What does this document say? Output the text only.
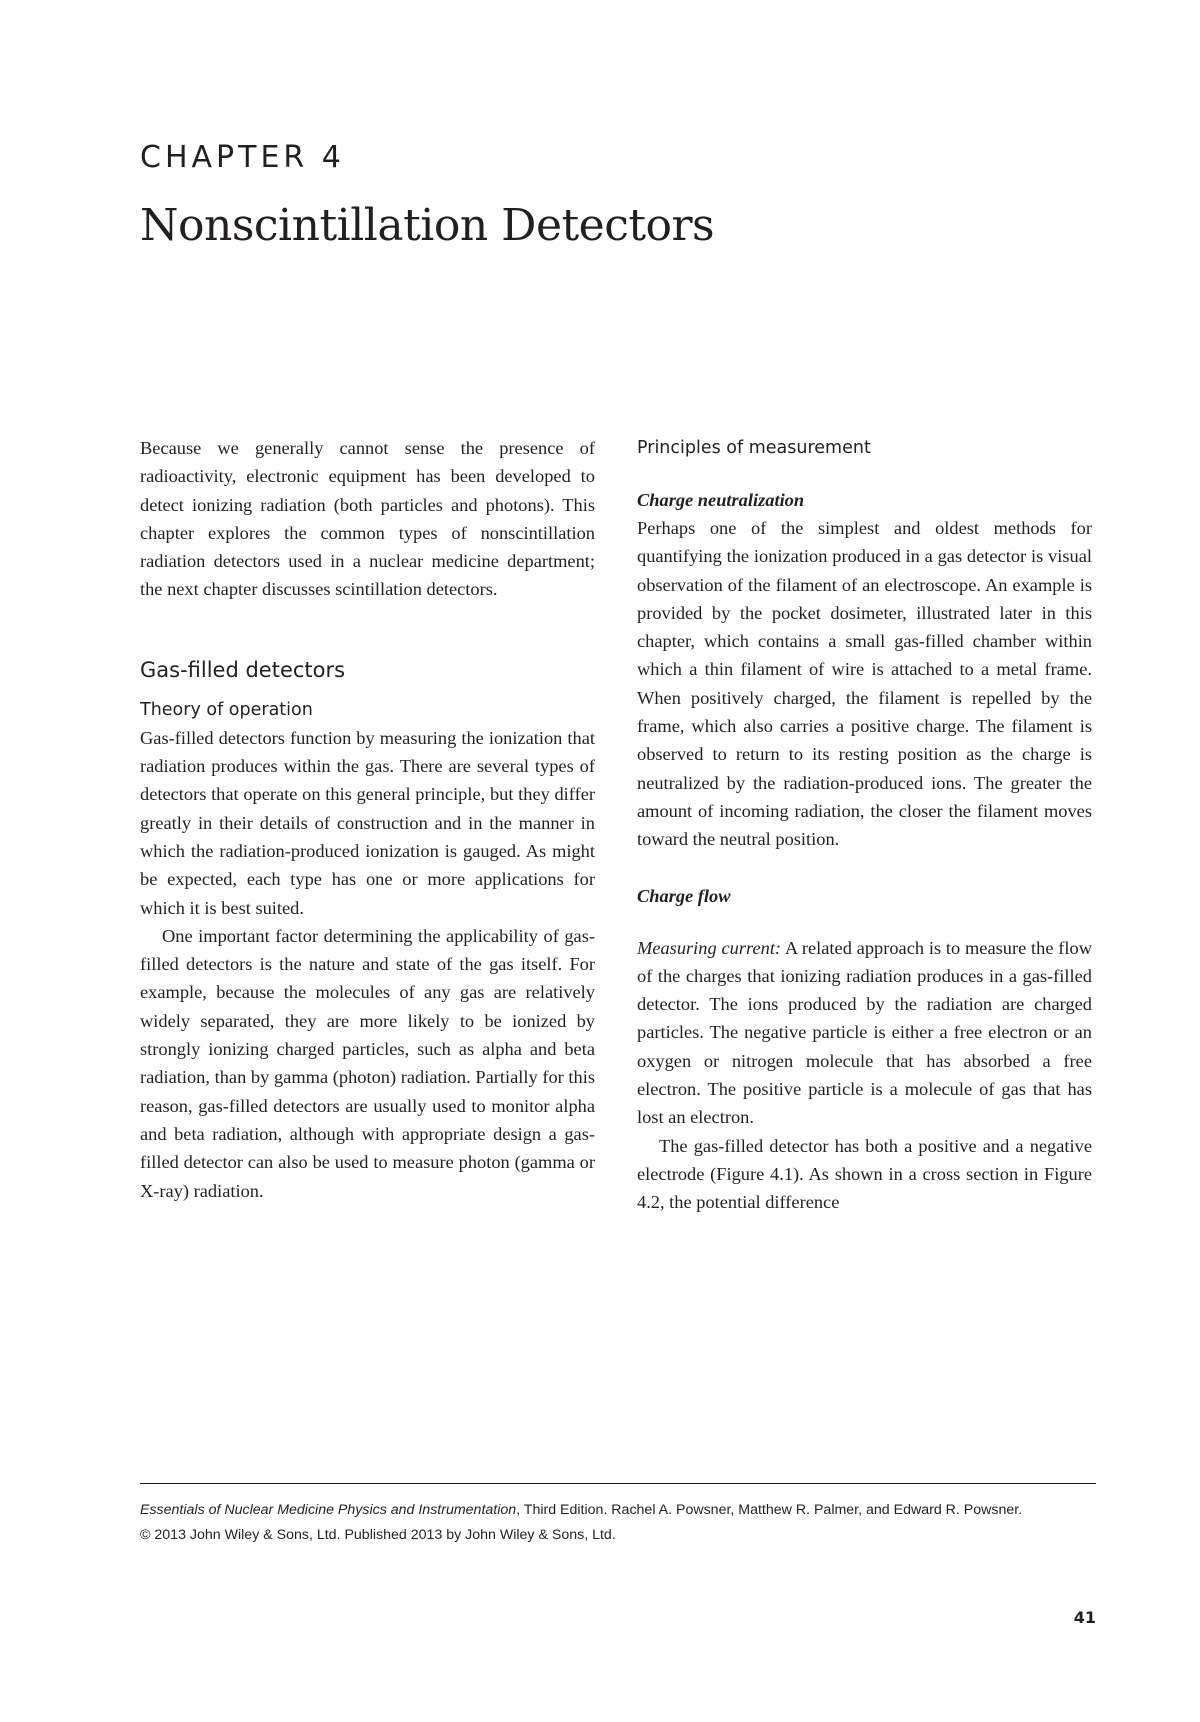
CHAPTER 4
Nonscintillation Detectors

Because we generally cannot sense the presence of radioactivity, electronic equipment has been developed to detect ionizing radiation (both particles and photons). This chapter explores the common types of nonscintillation radiation detectors used in a nuclear medicine department; the next chapter discusses scintillation detectors.

Gas-filled detectors
Theory of operation

Gas-filled detectors function by measuring the ionization that radiation produces within the gas. There are several types of detectors that operate on this general principle, but they differ greatly in their details of construction and in the manner in which the radiation-produced ionization is gauged. As might be expected, each type has one or more applications for which it is best suited.

One important factor determining the applicability of gas-filled detectors is the nature and state of the gas itself. For example, because the molecules of any gas are relatively widely separated, they are more likely to be ionized by strongly ionizing charged particles, such as alpha and beta radiation, than by gamma (photon) radiation. Partially for this reason, gas-filled detectors are usually used to monitor alpha and beta radiation, although with appropriate design a gas-filled detector can also be used to measure photon (gamma or X-ray) radiation.

Principles of measurement
Charge neutralization

Perhaps one of the simplest and oldest methods for quantifying the ionization produced in a gas detector is visual observation of the filament of an electroscope. An example is provided by the pocket dosimeter, illustrated later in this chapter, which contains a small gas-filled chamber within which a thin filament of wire is attached to a metal frame. When positively charged, the filament is repelled by the frame, which also carries a positive charge. The filament is observed to return to its resting position as the charge is neutralized by the radiation-produced ions. The greater the amount of incoming radiation, the closer the filament moves toward the neutral position.

Charge flow

Measuring current: A related approach is to measure the flow of the charges that ionizing radiation produces in a gas-filled detector. The ions produced by the radiation are charged particles. The negative particle is either a free electron or an oxygen or nitrogen molecule that has absorbed a free electron. The positive particle is a molecule of gas that has lost an electron.

The gas-filled detector has both a positive and a negative electrode (Figure 4.1). As shown in a cross section in Figure 4.2, the potential difference

Essentials of Nuclear Medicine Physics and Instrumentation, Third Edition. Rachel A. Powsner, Matthew R. Palmer, and Edward R. Powsner.

© 2013 John Wiley & Sons, Ltd. Published 2013 by John Wiley & Sons, Ltd.

41
